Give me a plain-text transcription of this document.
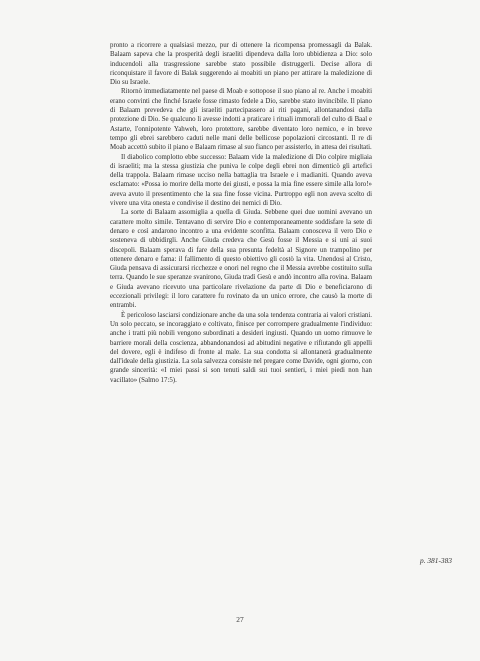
pronto a ricorrere a qualsiasi mezzo, pur di ottenere la ricompensa promessagli da Balak. Balaam sapeva che la prosperità degli israeliti dipendeva dalla loro ubbidienza a Dio: solo inducendoli alla trasgressione sarebbe stato possibile distruggerli. Decise allora di riconquistare il favore di Balak suggerendo ai moabiti un piano per attirare la maledizione di Dio su Israele.

Ritornò immediatamente nel paese di Moab e sottopose il suo piano al re. Anche i moabiti erano convinti che finché Israele fosse rimasto fedele a Dio, sarebbe stato invincibile. Il piano di Balaam prevedeva che gli israeliti partecipassero ai riti pagani, allontanandosi dalla protezione di Dio. Se qualcuno li avesse indotti a praticare i rituali immorali del culto di Baal e Astarte, l'onnipotente Yahweh, loro protettore, sarebbe diventato loro nemico, e in breve tempo gli ebrei sarebbero caduti nelle mani delle bellicose popolazioni circostanti. Il re di Moab accettò subito il piano e Balaam rimase al suo fianco per assisterlo, in attesa dei risultati.

Il diabolico complotto ebbe successo: Balaam vide la maledizione di Dio colpire migliaia di israeliti; ma la stessa giustizia che puniva le colpe degli ebrei non dimenticò gli artefici della trappola. Balaam rimase ucciso nella battaglia tra Israele e i madianiti. Quando aveva esclamato: «Possa io morire della morte dei giusti, e possa la mia fine essere simile alla loro!» aveva avuto il presentimento che la sua fine fosse vicina. Purtroppo egli non aveva scelto di vivere una vita onesta e condivise il destino dei nemici di Dio.

La sorte di Balaam assomiglia a quella di Giuda. Sebbene quei due uomini avevano un carattere molto simile. Tentavano di servire Dio e contemporaneamente soddisfare la sete di denaro e così andarono incontro a una evidente sconfitta. Balaam conosceva il vero Dio e sosteneva di ubbidirgli. Anche Giuda credeva che Gesù fosse il Messia e si unì ai suoi discepoli. Balaam sperava di fare della sua presunta fedeltà al Signore un trampolino per ottenere denaro e fama: il fallimento di questo obiettivo gli costò la vita. Unendosi al Cristo, Giuda pensava di assicurarsi ricchezze e onori nel regno che il Messia avrebbe costituito sulla terra. Quando le sue speranze svanirono, Giuda tradì Gesù e andò incontro alla rovina. Balaam e Giuda avevano ricevuto una particolare rivelazione da parte di Dio e beneficiarono di eccezionali privilegi: il loro carattere fu rovinato da un unico errore, che causò la morte di entrambi.

È pericoloso lasciarsi condizionare anche da una sola tendenza contraria ai valori cristiani. Un solo peccato, se incoraggiato e coltivato, finisce per corrompere gradualmente l'individuo: anche i tratti più nobili vengono subordinati a desideri ingiusti. Quando un uomo rimuove le barriere morali della coscienza, abbandonandosi ad abitudini negative e rifiutando gli appelli del dovere, egli è indifeso di fronte al male. La sua condotta si allontanerà gradualmente dall'ideale della giustizia. La sola salvezza consiste nel pregare come Davide, ogni giorno, con grande sincerità: «I miei passi si son tenuti saldi sui tuoi sentieri, i miei piedi non han vacillato» (Salmo 17:5).

p. 381-383
27
